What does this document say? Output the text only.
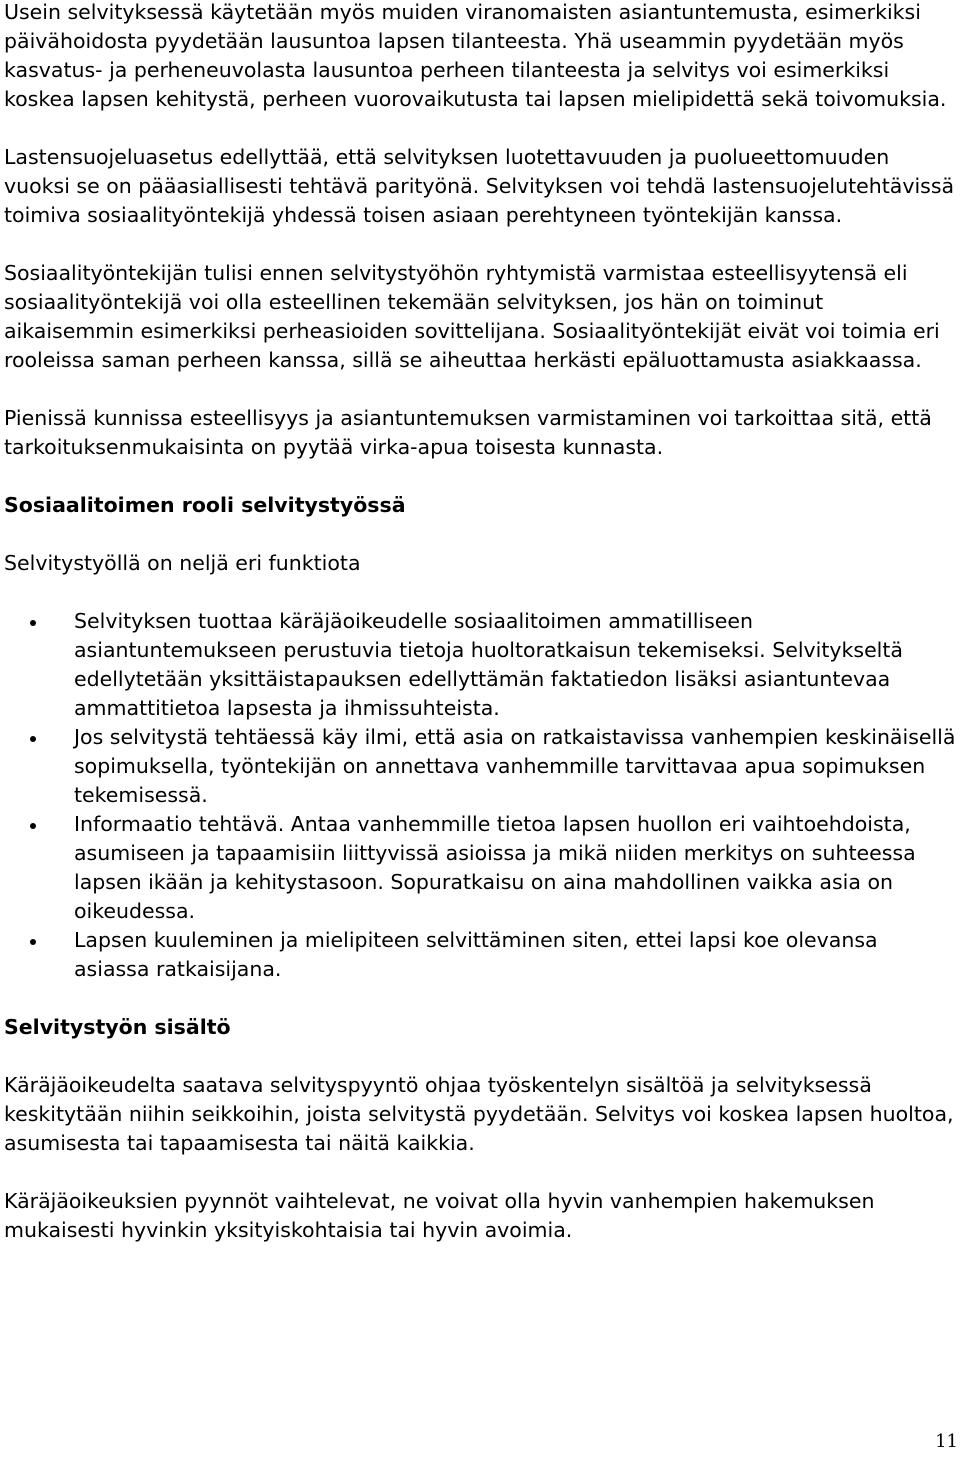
Usein selvityksessä käytetään myös muiden viranomaisten asiantuntemusta, esimerkiksi päivähoidosta pyydetään lausuntoa lapsen tilanteesta. Yhä useammin pyydetään myös kasvatus- ja perheneuvolasta lausuntoa perheen tilanteesta ja selvitys voi esimerkiksi koskea lapsen kehitystä, perheen vuorovaikutusta tai lapsen mielipidettä sekä toivomuksia.

Lastensuojeluasetus edellyttää, että selvityksen luotettavuuden ja puolueettomuuden vuoksi se on pääasiallisesti tehtävä parityönä. Selvityksen voi tehdä lastensuojelutehtävissä toimiva sosiaalityöntekijä yhdessä toisen asiaan perehtyneen työntekijän kanssa.

Sosiaalityöntekijän tulisi ennen selvitystyöhön ryhtymistä varmistaa esteellisyytensä eli sosiaalityöntekijä voi olla esteellinen tekemään selvityksen, jos hän on toiminut aikaisemmin esimerkiksi perheasioiden sovittelijana. Sosiaalityöntekijät eivät voi toimia eri rooleissa saman perheen kanssa, sillä se aiheuttaa herkästi epäluottamusta asiakkaassa.

Pienissä kunnissa esteellisyys ja asiantuntemuksen varmistaminen voi tarkoittaa sitä, että tarkoituksenmukaisinta on pyytää virka-apua toisesta kunnasta.

Sosiaalitoimen rooli selvitystyössä

Selvitystyöllä on neljä eri funktiota

Selvityksen tuottaa käräjäoikeudelle sosiaalitoimen ammatilliseen asiantuntemukseen perustuvia tietoja huoltoratkaisun tekemiseksi. Selvitykseltä edellytetään yksittäistapauksen edellyttämän faktatiedon lisäksi asiantuntevaa ammattitietoa lapsesta ja ihmissuhteista.
Jos selvitystä tehtäessä käy ilmi, että asia on ratkaistavissa vanhempien keskinäisellä sopimuksella, työntekijän on annettava vanhemmille tarvittavaa apua sopimuksen tekemisessä.
Informaatio tehtävä. Antaa vanhemmille tietoa lapsen huollon eri vaihtoehdoista, asumiseen ja tapaamisiin liittyvissä asioissa ja mikä niiden merkitys on suhteessa lapsen ikään ja kehitystasoon. Sopuratkaisu on aina mahdollinen vaikka asia on oikeudessa.
Lapsen kuuleminen ja mielipiteen selvittäminen siten, ettei lapsi koe olevansa asiassa ratkaisijana.
Selvitystyön sisältö

Käräjäoikeudelta saatava selvityspyyntö ohjaa työskentelyn sisältöä ja selvityksessä keskitytään niihin seikkoihin, joista selvitystä pyydetään. Selvitys voi koskea lapsen huoltoa, asumisesta tai tapaamisesta tai näitä kaikkia.

Käräjäoikeuksien pyynnöt vaihtelevat, ne voivat olla hyvin vanhempien hakemuksen mukaisesti hyvinkin yksityiskohtaisia tai hyvin avoimia.

11
